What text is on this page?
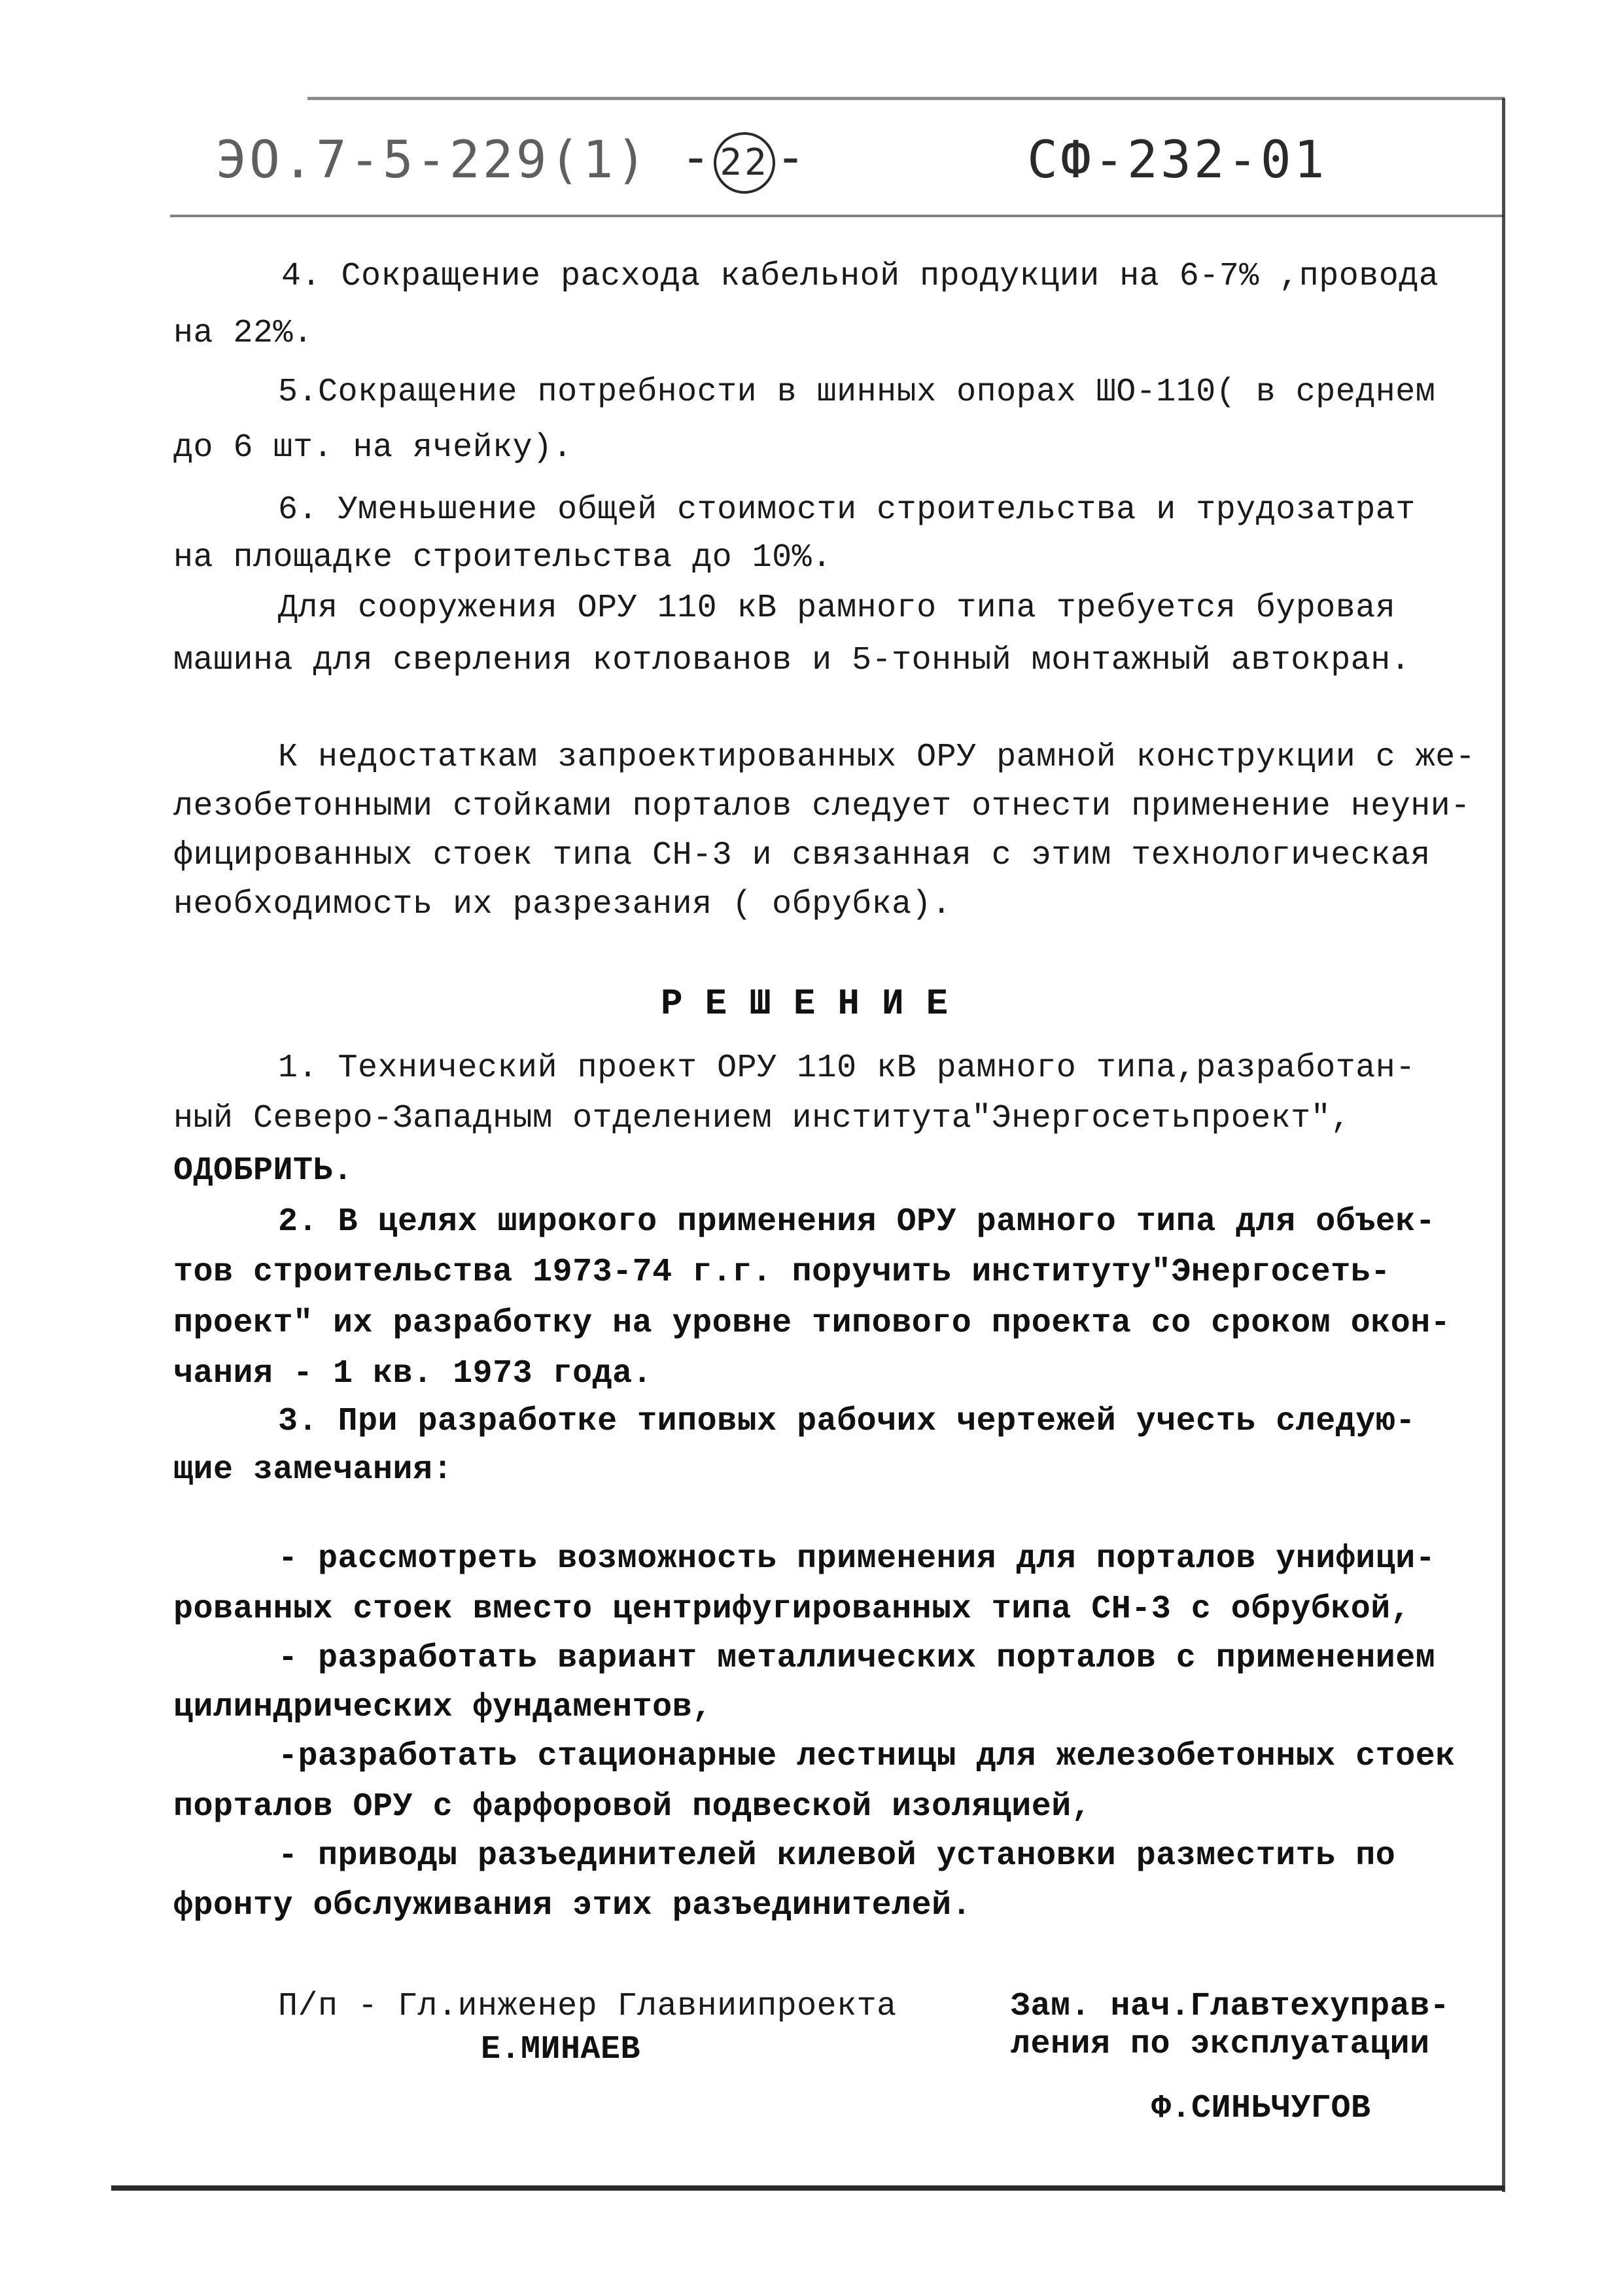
ЭО.7-5-229(1) - 22 -	СФ-232-01
4. Сокращение расхода кабельной продукции на 6-7% ,провода
на 22%.
5.Сокращение потребности в шинных опорах ШО-110( в среднем
до 6 шт. на ячейку).
6. Уменьшение общей стоимости строительства и трудозатрат
на площадке строительства до 10%.
Для сооружения ОРУ 110 кВ рамного типа требуется буровая
машина для сверления котлованов и 5-тонный монтажный автокран.
К недостаткам запроектированных ОРУ рамной конструкции с же-
лезобетонными стойками порталов следует отнести применение неуни-
фицированных стоек типа СН-3 и связанная с этим технологическая
необходимость их разрезания ( обрубка).
РЕШЕНИЕ
1. Технический проект ОРУ 110 кВ рамного типа,разработан-
ный Северо-Западным отделением института"Энергосетьпроект",
ОДОБРИТЬ.
2. В целях широкого применения ОРУ рамного типа для объек-
тов строительства 1973-74 г.г. поручить институту"Энергосеть-
проект" их разработку на уровне типового проекта со сроком окон-
чания - 1 кв. 1973 года.
3. При разработке типовых рабочих чертежей учесть следую-
щие замечания:
- рассмотреть возможность применения для порталов унифици-
рованных стоек вместо центрифугированных типа СН-3 с обрубкой,
- разработать вариант металлических порталов с применением
цилиндрических фундаментов,
-разработать стационарные лестницы для железобетонных стоек
порталов ОРУ с фарфоровой подвеской изоляцией,
- приводы разъединителей килевой установки разместить по
фронту обслуживания этих разъединителей.
П/п - Гл.инженер Главниипроекта
Е.МИНАЕВ
Зам. нач.Главтехуправ-
ления по эксплуатации
Ф.СИНЬЧУГОВ
